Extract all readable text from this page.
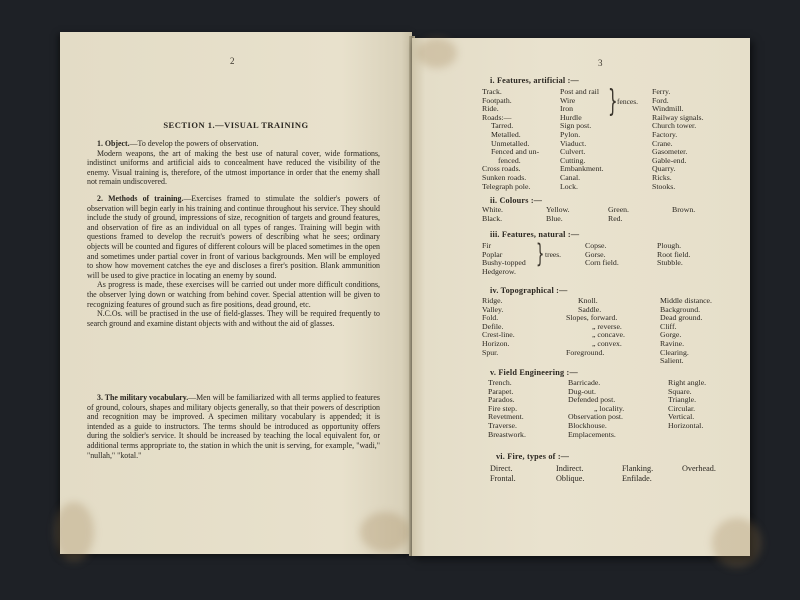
2
SECTION 1.—VISUAL TRAINING

1. Object.—To develop the powers of observation.

Modern weapons, the art of making the best use of natural cover, wide formations, indistinct uniforms and artificial aids to concealment have reduced the visibility of the enemy. Visual training is, therefore, of the utmost importance in order that the enemy shall not remain undiscovered.

2. Methods of training.—Exercises framed to stimulate the soldier's powers of observation will begin early in his training and continue throughout his service. They should include the study of ground, impressions of size, recognition of targets and ground features, and observation of fire as an individual on all types of ranges. Training will begin with questions framed to develop the recruit's powers of describing what he sees; ordinary objects will be counted and figures of different colours will be placed sometimes in the open and sometimes under partial cover in front of various backgrounds. Men will be employed to show how movement catches the eye and discloses a firer's position. Blank ammunition will be used to give practice in locating an enemy by sound.

As progress is made, these exercises will be carried out under more difficult conditions, the observer lying down or watching from behind cover. Special attention will be given to recognizing features of ground such as fire positions, dead ground, etc.

N.C.Os. will be practised in the use of field-glasses. They will be required frequently to search ground and examine distant objects with and without the aid of glasses.

3. The military vocabulary.—Men will be familiarized with all terms applied to features of ground, colours, shapes and military objects generally, so that their powers of description and recognition may be improved. A specimen military vocabulary is appended; it is intended as a guide to instructors. The terms should be introduced as opportunity offers during the soldier's service. It should be increased by teaching the local equivalent for, or additional terms appropriate to, the station in which the unit is serving, for example, "wadi," "nullah," "kotal."

3
i. Features, artificial :—
Track.
Footpath.
Ride.
Roads:—
Tarred.
Metalled.
Unmetalled.
Fenced and un-
fenced.
Cross roads.
Sunken roads.
Telegraph pole.
Post and rail
Wire
Iron
Hurdle
Sign post.
Pylon.
Viaduct.
Culvert.
Cutting.
Embankment.
Canal.
Lock.
} fences.
Ferry.
Ford.
Windmill.
Railway signals.
Church tower.
Factory.
Crane.
Gasometer.
Gable-end.
Quarry.
Ricks.
Stooks.
ii. Colours :—
White.
Black.
Yellow.
Blue.
Green.
Red.
Brown.
iii. Features, natural :—
Fir
Poplar
Bushy-topped
Hedgerow.
} trees.
Copse.
Gorse.
Corn field.
Plough.
Root field.
Stubble.
iv. Topographical :—
Ridge.
Valley.
Fold.
Defile.
Crest-line.
Horizon.
Spur.
Knoll.
Saddle.
Slopes, forward.
„ reverse.
„ concave.
„ convex.
Foreground.
Middle distance.
Background.
Dead ground.
Cliff.
Gorge.
Ravine.
Clearing.
Salient.
v. Field Engineering :—
Trench.
Parapet.
Parados.
Fire step.
Revetment.
Traverse.
Breastwork.
Barricade.
Dug-out.
Defended post.
„ locality.
Observation post.
Blockhouse.
Emplacements.
Right angle.
Square.
Triangle.
Circular.
Vertical.
Horizontal.
vi. Fire, types of :—
Direct.
Frontal.
Indirect.
Oblique.
Flanking.
Enfilade.
Overhead.
